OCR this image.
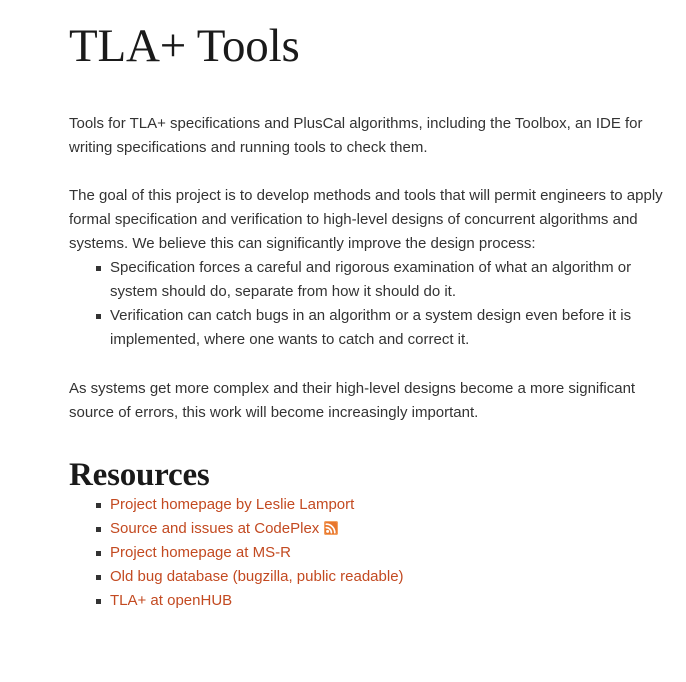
TLA+ Tools

Tools for TLA+ specifications and PlusCal algorithms, including the Toolbox, an IDE for writing specifications and running tools to check them.

The goal of this project is to develop methods and tools that will permit engineers to apply formal specification and verification to high-level designs of concurrent algorithms and systems. We believe this can significantly improve the design process:

Specification forces a careful and rigorous examination of what an algorithm or system should do, separate from how it should do it.
Verification can catch bugs in an algorithm or a system design even before it is implemented, where one wants to catch and correct it.

As systems get more complex and their high-level designs become a more significant source of errors, this work will become increasingly important.

Resources
Project homepage by Leslie Lamport
Source and issues at CodePlex
Project homepage at MS-R
Old bug database (bugzilla, public readable)
TLA+ at openHUB
